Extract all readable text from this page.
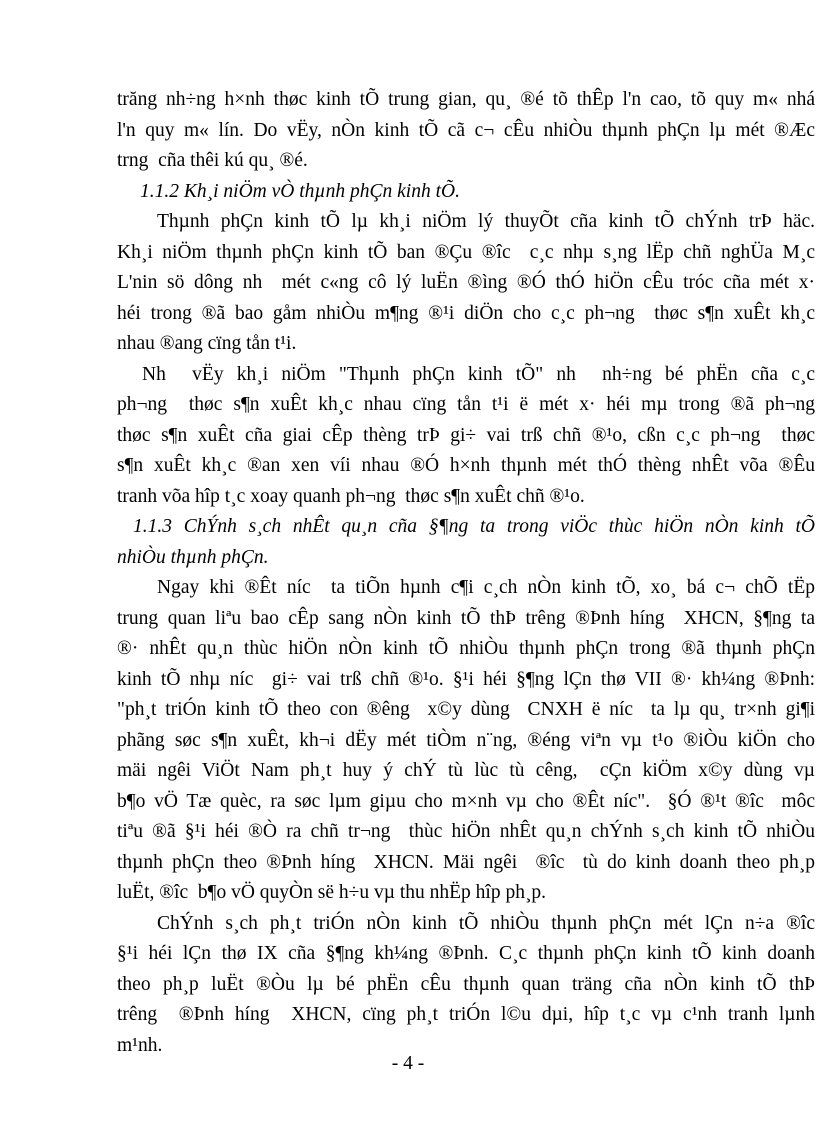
trăng nh÷ng h×nh thøc kinh tÕ trung gian, qu¸ ®é tõ thÊp l'n cao, tõ quy m« nhá
l'n quy m« lín. Do vËy, nÒn kinh tÕ cã c¬ cÊu nhiÒu thµnh phÇn lµ mét ®Æc
trng  cña thêi kú qu¸ ®é.
1.1.2 Kh¸i niÖm vÒ thµnh phÇn kinh tÕ.
Thµnh phÇn kinh tÕ lµ kh¸i niÖm lý thuyÕt cña kinh tÕ chÝnh trÞ häc.
Kh¸i niÖm thµnh phÇn kinh tÕ ban ®Çu ®îc  c¸c nhµ s¸ng lËp chñ nghÜa M¸c
L'nin sö dông nh  mét c«ng cô lý luËn ®ìng ®Ó thÓ hiÖn cÊu tróc cña mét x·
héi trong ®ã bao gåm nhiÒu m¶ng ®¹i diÖn cho c¸c ph¬ng  thøc s¶n xuÊt kh¸c
nhau ®ang cïng tån t¹i.
Nh  vËy kh¸i niÖm "Thµnh phÇn kinh tÕ" nh  nh÷ng bé phËn cña c¸c
ph¬ng  thøc s¶n xuÊt kh¸c nhau cïng tån t¹i ë mét x· héi mµ trong ®ã ph¬ng
thøc s¶n xuÊt cña giai cÊp thèng trÞ gi÷ vai trß chñ ®¹o, cßn c¸c ph¬ng  thøc
s¶n xuÊt kh¸c ®an xen víi nhau ®Ó h×nh thµnh mét thÓ thèng nhÊt võa ®Êu
tranh võa hîp t¸c xoay quanh ph¬ng  thøc s¶n xuÊt chñ ®¹o.
1.1.3 ChÝnh s¸ch nhÊt qu¸n cña §¶ng ta trong viÖc thùc hiÖn nÒn kinh tÕ
nhiÒu thµnh phÇn.
Ngay khi ®Êt níc  ta tiÕn hµnh c¶i c¸ch nÒn kinh tÕ, xo¸ bá c¬ chÕ tËp
trung quan liªu bao cÊp sang nÒn kinh tÕ thÞ trêng ®Þnh híng  XHCN, §¶ng ta
®· nhÊt qu¸n thùc hiÖn nÒn kinh tÕ nhiÒu thµnh phÇn trong ®ã thµnh phÇn
kinh tÕ nhµ níc  gi÷ vai trß chñ ®¹o. §¹i héi §¶ng lÇn thø VII ®· kh¼ng ®Þnh:
"ph¸t triÓn kinh tÕ theo con ®êng  x©y dùng  CNXH ë níc  ta lµ qu¸ tr×nh gi¶i
phãng søc s¶n xuÊt, kh¬i dËy mét tiÒm n¨ng, ®éng viªn vµ t¹o ®iÒu kiÖn cho
mäi ngêi ViÖt Nam ph¸t huy ý chÝ tù lùc tù cêng,  cÇn kiÖm x©y dùng vµ
b¶o vÖ Tæ quèc, ra søc lµm giµu cho m×nh vµ cho ®Êt níc".  §Ó ®¹t ®îc  môc
tiªu ®ã §¹i héi ®Ò ra chñ tr¬ng  thùc hiÖn nhÊt qu¸n chÝnh s¸ch kinh tÕ nhiÒu
thµnh phÇn theo ®Þnh híng  XHCN. Mäi ngêi  ®îc  tù do kinh doanh theo ph¸p
luËt, ®îc  b¶o vÖ quyÒn së h÷u vµ thu nhËp hîp ph¸p.
ChÝnh s¸ch ph¸t triÓn nÒn kinh tÕ nhiÒu thµnh phÇn mét lÇn n÷a ®îc
§¹i héi lÇn thø IX cña §¶ng kh¼ng ®Þnh. C¸c thµnh phÇn kinh tÕ kinh doanh
theo ph¸p luËt ®Òu lµ bé phËn cÊu thµnh quan träng cña nÒn kinh tÕ thÞ
trêng  ®Þnh híng  XHCN, cïng ph¸t triÓn l©u dµi, hîp t¸c vµ c¹nh tranh lµnh
m¹nh.
- 4 -
